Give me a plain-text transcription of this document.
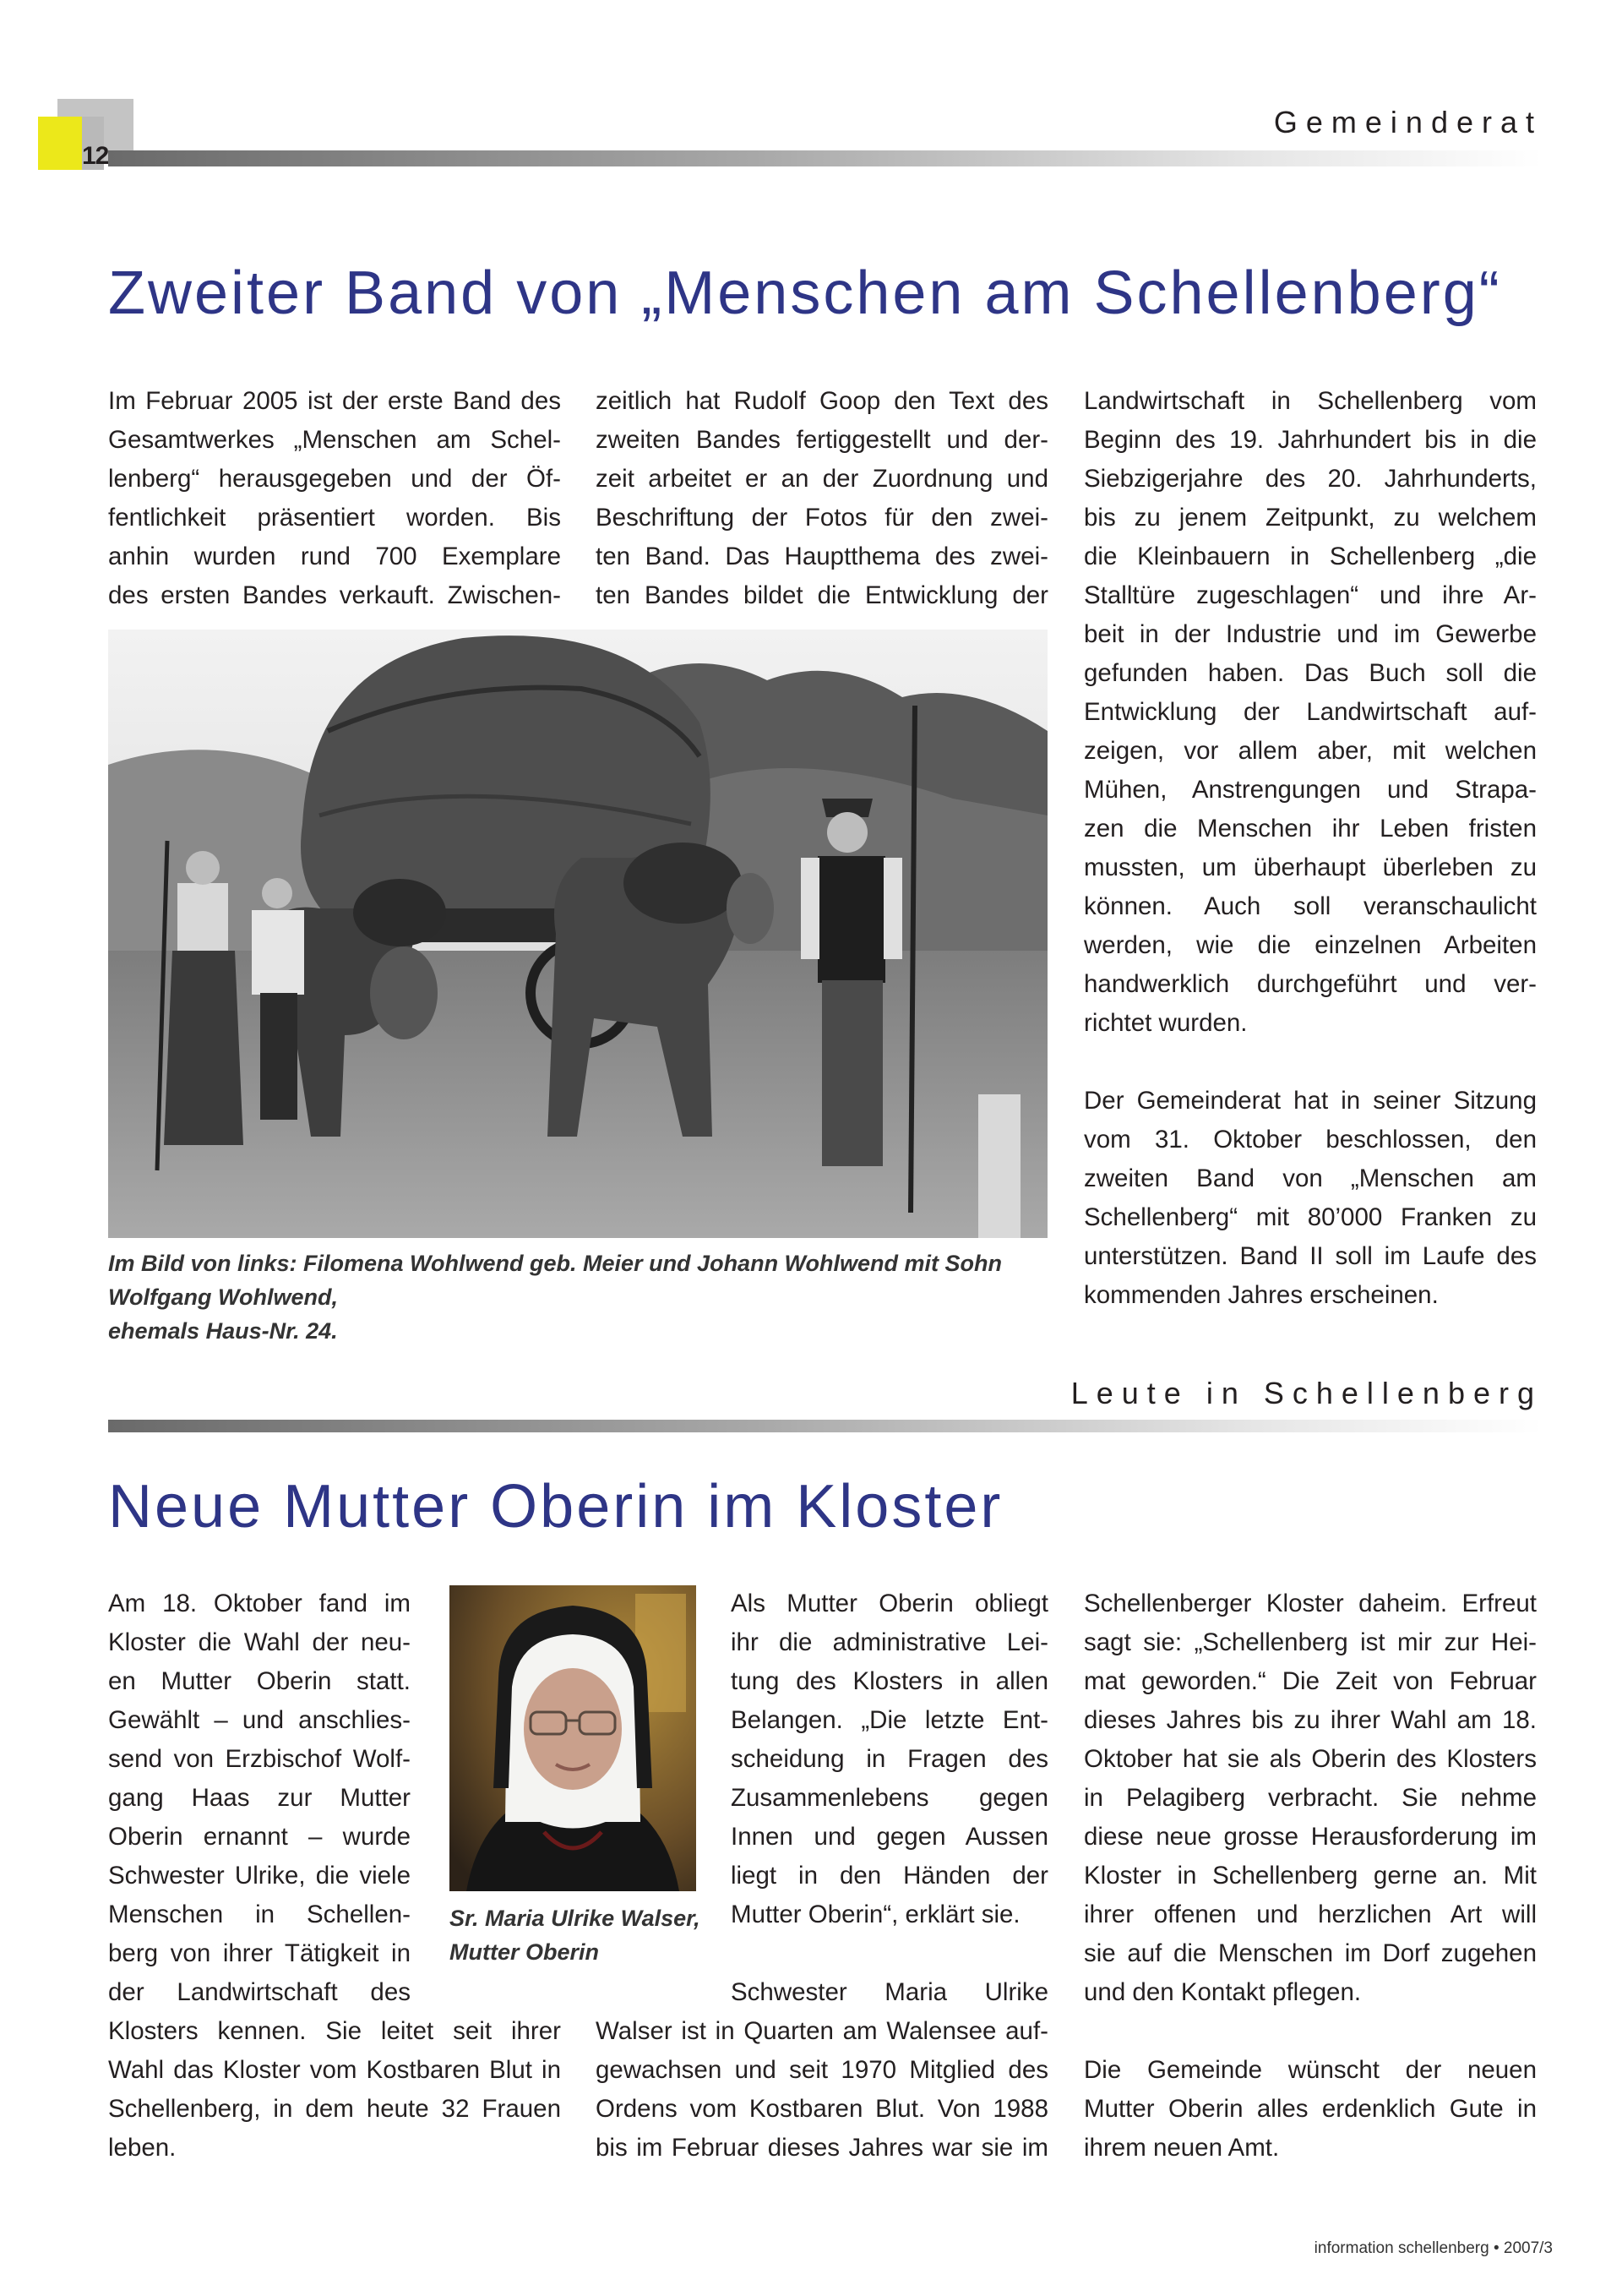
12
Gemeinderat
Zweiter Band von „Menschen am Schellenberg“

Im Februar 2005 ist der erste Band des
Gesamtwerkes „Menschen am Schel-
lenberg“ herausgegeben und der Öf-
fentlichkeit präsentiert worden. Bis
anhin wurden rund 700 Exemplare
des ersten Bandes verkauft. Zwischen-

zeitlich hat Rudolf Goop den Text des
zweiten Bandes fertiggestellt und der-
zeit arbeitet er an der Zuordnung und
Beschriftung der Fotos für den zwei-
ten Band. Das Hauptthema des zwei-
ten Bandes bildet die Entwicklung der

Landwirtschaft in Schellenberg vom
Beginn des 19. Jahrhundert bis in die
Siebzigerjahre des 20. Jahrhunderts,
bis zu jenem Zeitpunkt, zu welchem
die Kleinbauern in Schellenberg „die
Stalltüre zugeschlagen“ und ihre Ar-
beit in der Industrie und im Gewerbe
gefunden haben. Das Buch soll die
Entwicklung der Landwirtschaft auf-
zeigen, vor allem aber, mit welchen
Mühen, Anstrengungen und Strapa-
zen die Menschen ihr Leben fristen
mussten, um überhaupt überleben zu
können. Auch soll veranschaulicht
werden, wie die einzelnen Arbeiten
handwerklich durchgeführt und ver-
richtet wurden.

Der Gemeinderat hat in seiner Sitzung
vom 31. Oktober beschlossen, den
zweiten Band von „Menschen am
Schellenberg“ mit 80’000 Franken zu
unterstützen. Band II soll im Laufe des
kommenden Jahres erscheinen.

Im Bild von links: Filomena Wohlwend geb. Meier und Johann Wohlwend mit Sohn Wolfgang Wohlwend,
ehemals Haus-Nr. 24.
Leute in Schellenberg
Neue Mutter Oberin im Kloster

Am 18. Oktober fand im
Kloster die Wahl der neu-
en Mutter Oberin statt.
Gewählt – und anschlies-
send von Erzbischof Wolf-
gang Haas zur Mutter
Oberin ernannt – wurde
Schwester Ulrike, die viele
Menschen in Schellen-
berg von ihrer Tätigkeit in
der Landwirtschaft des
Klosters kennen. Sie leitet seit ihrer
Wahl das Kloster vom Kostbaren Blut in
Schellenberg, in dem heute 32 Frauen
leben.

Sr. Maria Ulrike Walser,
Mutter Oberin

Als Mutter Oberin obliegt
ihr die administrative Lei-
tung des Klosters in allen
Belangen. „Die letzte Ent-
scheidung in Fragen des
Zusammenlebens gegen
Innen und gegen Aussen
liegt in den Händen der
Mutter Oberin“, erklärt sie.

Schwester Maria Ulrike
Walser ist in Quarten am Walensee auf-
gewachsen und seit 1970 Mitglied des
Ordens vom Kostbaren Blut. Von 1988
bis im Februar dieses Jahres war sie im

Schellenberger Kloster daheim. Erfreut
sagt sie: „Schellenberg ist mir zur Hei-
mat geworden.“ Die Zeit von Februar
dieses Jahres bis zu ihrer Wahl am 18.
Oktober hat sie als Oberin des Klosters
in Pelagiberg verbracht. Sie nehme
diese neue grosse Herausforderung im
Kloster in Schellenberg gerne an. Mit
ihrer offenen und herzlichen Art will
sie auf die Menschen im Dorf zugehen
und den Kontakt pflegen.

Die Gemeinde wünscht der neuen
Mutter Oberin alles erdenklich Gute in
ihrem neuen Amt.

information schellenberg • 2007/3
